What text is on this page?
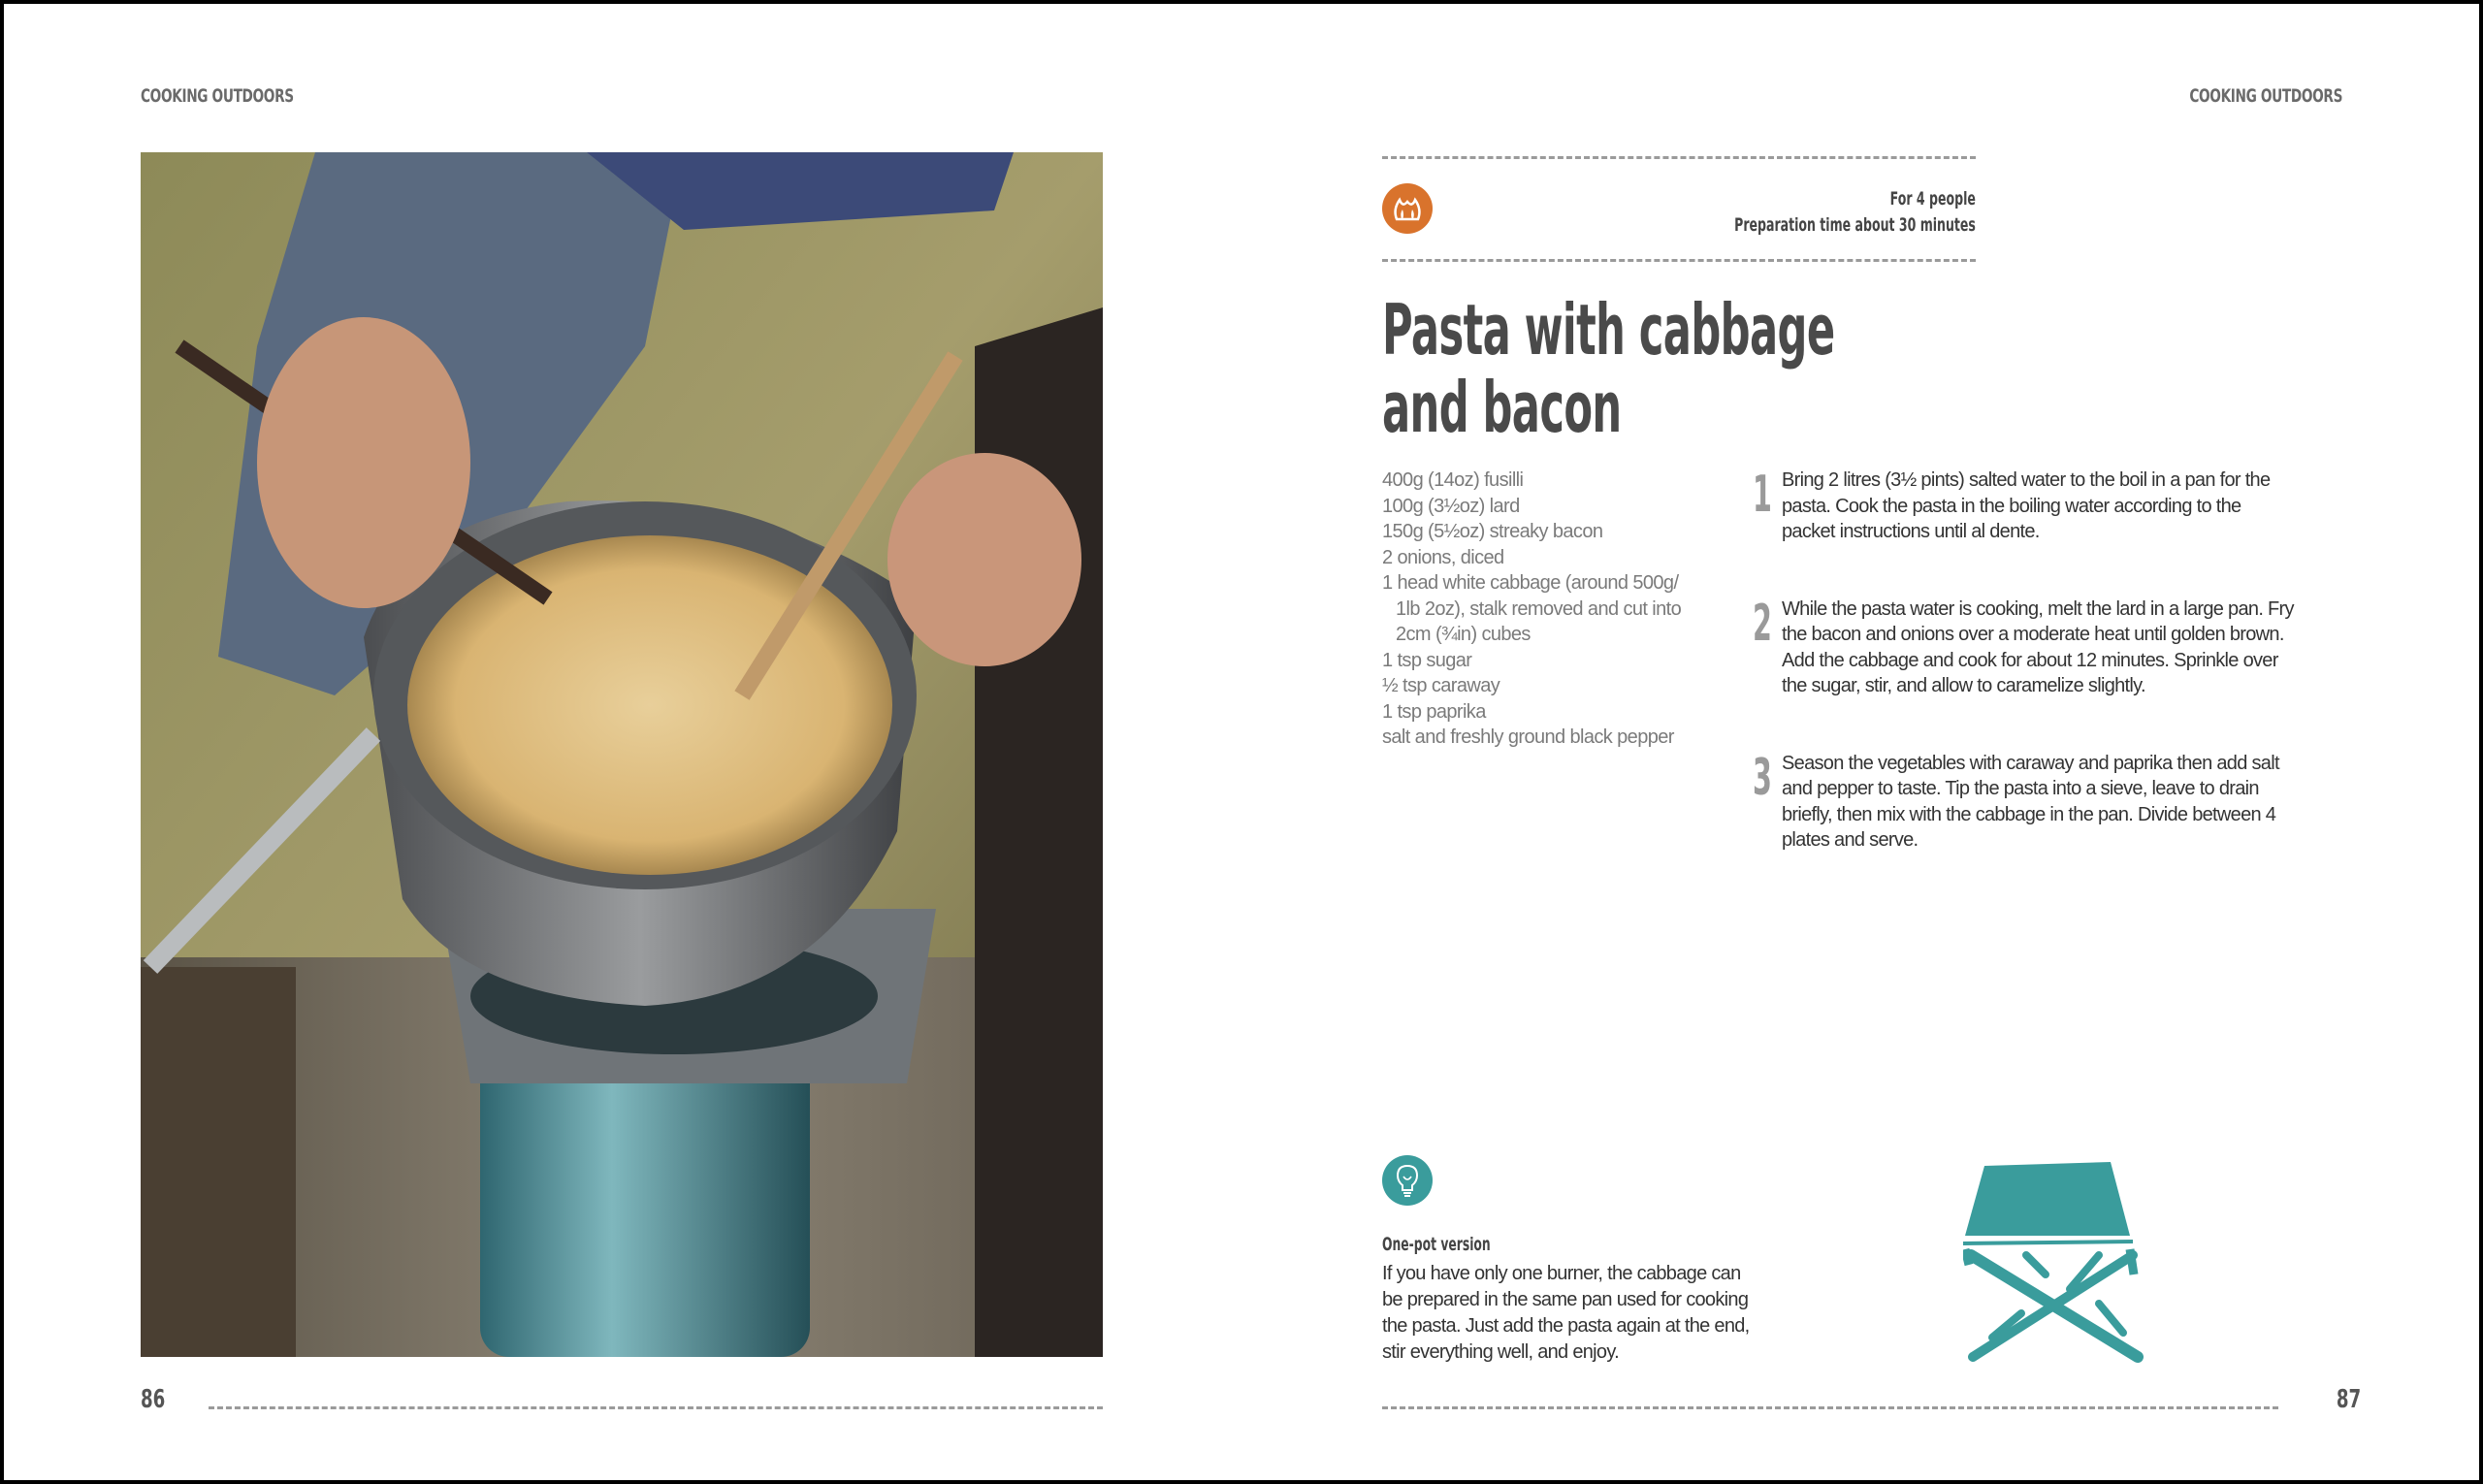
COOKING OUTDOORS
86
COOKING OUTDOORS
For 4 people
Preparation time about 30 minutes
Pasta with cabbage
and bacon
400g (14oz) fusilli
100g (3½oz) lard
150g (5½oz) streaky bacon
2 onions, diced
1 head white cabbage (around 500g/
1lb 2oz), stalk removed and cut into
2cm (¾in) cubes
1 tsp sugar
½ tsp caraway
1 tsp paprika
salt and freshly ground black pepper
1 Bring 2 litres (3½ pints) salted water to the boil in a pan for the pasta. Cook the pasta in the boiling water according to the packet instructions until al dente.
2 While the pasta water is cooking, melt the lard in a large pan. Fry the bacon and onions over a moderate heat until golden brown. Add the cabbage and cook for about 12 minutes. Sprinkle over the sugar, stir, and allow to caramelize slightly.
3 Season the vegetables with caraway and paprika then add salt and pepper to taste. Tip the pasta into a sieve, leave to drain briefly, then mix with the cabbage in the pan. Divide between 4 plates and serve.
One-pot version
If you have only one burner, the cabbage can be prepared in the same pan used for cooking the pasta. Just add the pasta again at the end, stir everything well, and enjoy.
87
